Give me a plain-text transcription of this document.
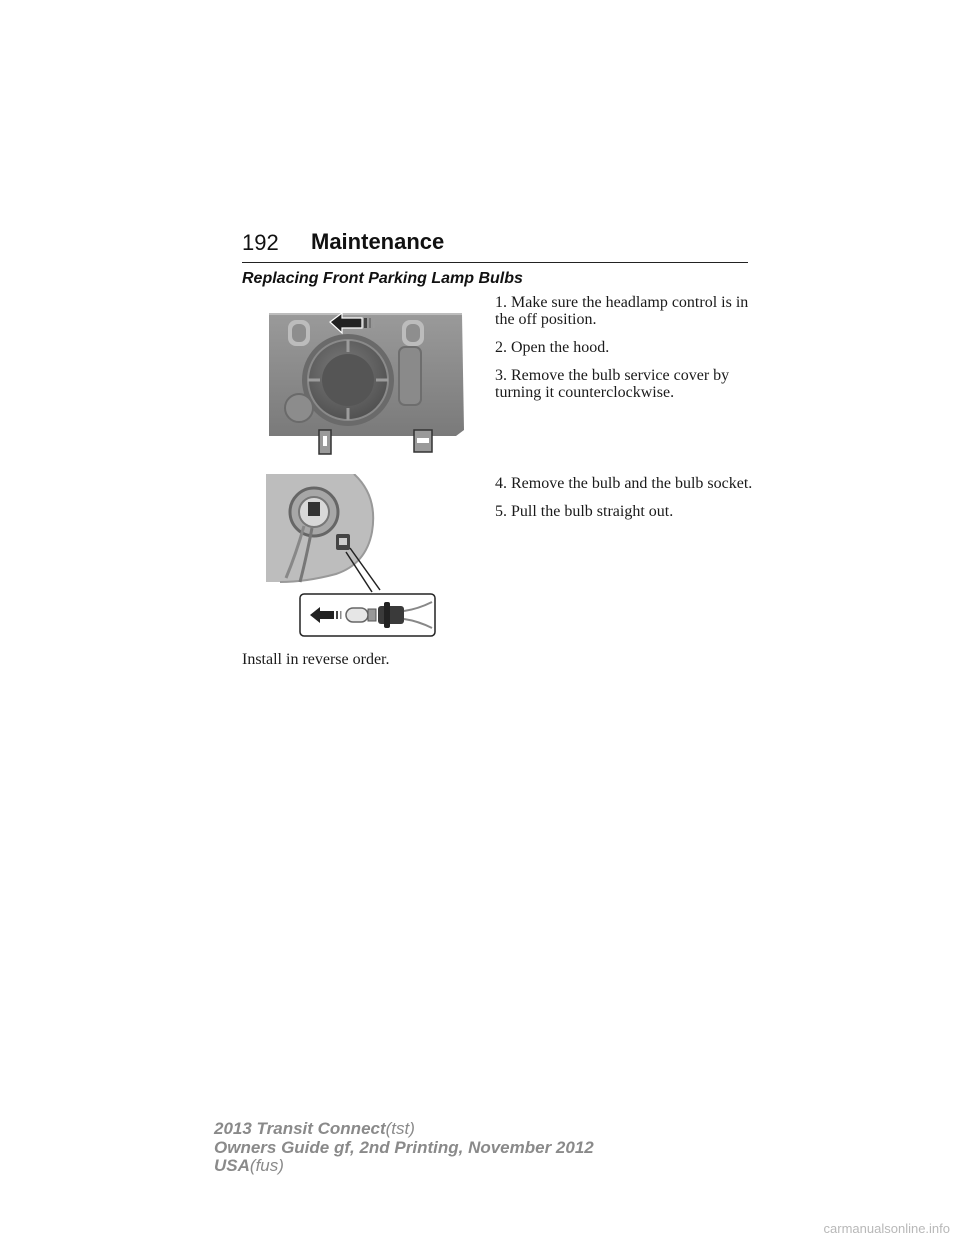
192 Maintenance
Replacing Front Parking Lamp Bulbs

1. Make sure the headlamp control is in the off position.

2. Open the hood.

3. Remove the bulb service cover by turning it counterclockwise.

4. Remove the bulb and the bulb socket.

5. Pull the bulb straight out.

Install in reverse order.
2013 Transit Connect(tst)
Owners Guide gf, 2nd Printing, November 2012
USA(fus)
carmanualsonline.info
